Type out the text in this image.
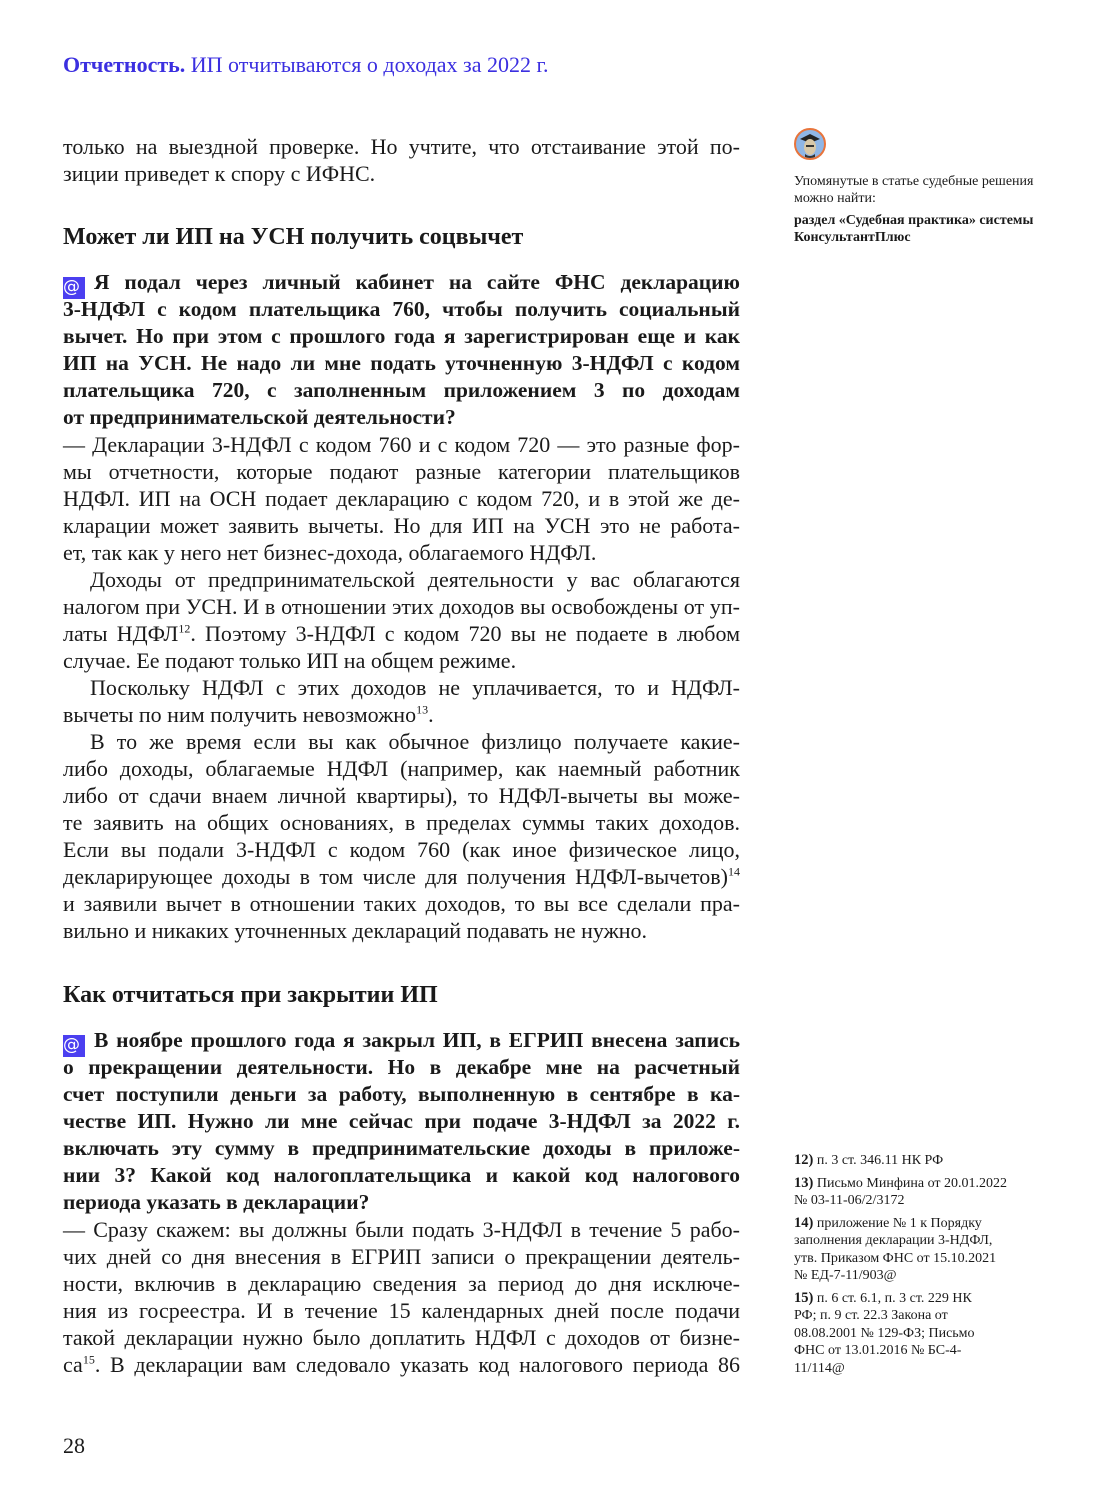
Отчетность. ИП отчитываются о доходах за 2022 г.
только на выездной проверке. Но учтите, что отстаивание этой по-
зиции приведет к спору с ИФНС.
Может ли ИП на УСН получить соцвычет
@ Я подал через личный кабинет на сайте ФНС декларацию
3-НДФЛ с кодом плательщика 760, чтобы получить социальный
вычет. Но при этом с прошлого года я зарегистрирован еще и как
ИП на УСН. Не надо ли мне подать уточненную 3-НДФЛ с кодом
плательщика 720, с заполненным приложением 3 по доходам
от предпринимательской деятельности?
— Декларации 3-НДФЛ с кодом 760 и с кодом 720 — это разные фор-
мы отчетности, которые подают разные категории плательщиков
НДФЛ. ИП на ОСН подает декларацию с кодом 720, и в этой же де-
кларации может заявить вычеты. Но для ИП на УСН это не работа-
ет, так как у него нет бизнес-дохода, облагаемого НДФЛ.
Доходы от предпринимательской деятельности у вас облагаются
налогом при УСН. И в отношении этих доходов вы освобождены от уп-
латы НДФЛ$^{12}$. Поэтому 3-НДФЛ с кодом 720 вы не подаете в любом
случае. Ее подают только ИП на общем режиме.
Поскольку НДФЛ с этих доходов не уплачивается, то и НДФЛ-
вычеты по ним получить невозможно$^{13}$.
В то же время если вы как обычное физлицо получаете какие-
либо доходы, облагаемые НДФЛ (например, как наемный работник
либо от сдачи внаем личной квартиры), то НДФЛ-вычеты вы може-
те заявить на общих основаниях, в пределах суммы таких доходов.
Если вы подали 3-НДФЛ с кодом 760 (как иное физическое лицо,
декларирующее доходы в том числе для получения НДФЛ-вычетов)$^{14}$
и заявили вычет в отношении таких доходов, то вы все сделали пра-
вильно и никаких уточненных деклараций подавать не нужно.
Как отчитаться при закрытии ИП
@ В ноябре прошлого года я закрыл ИП, в ЕГРИП внесена запись
о прекращении деятельности. Но в декабре мне на расчетный
счет поступили деньги за работу, выполненную в сентябре в ка-
честве ИП. Нужно ли мне сейчас при подаче 3-НДФЛ за 2022 г.
включать эту сумму в предпринимательские доходы в приложе-
нии 3? Какой код налогоплательщика и какой код налогового
периода указать в декларации?
— Сразу скажем: вы должны были подать 3-НДФЛ в течение 5 рабо-
чих дней со дня внесения в ЕГРИП записи о прекращении деятель-
ности, включив в декларацию сведения за период до дня исключе-
ния из госреестра. И в течение 15 календарных дней после подачи
такой декларации нужно было доплатить НДФЛ с доходов от бизне-
$са^{15}$. В декларации вам следовало указать код налогового периода 86
Упомянутые в статье судебные решения можно найти:
раздел «Судебная практика» системы КонсультантПлюс

12) п. 3 ст. 346.11 НК РФ

13) Письмо Минфина от 20.01.2022 № 03-11-06/2/3172

14) приложение № 1 к Порядку заполнения декларации 3-НДФЛ, утв. Приказом ФНС от 15.10.2021 № ЕД-7-11/903@

15) п. 6 ст. 6.1, п. 3 ст. 229 НК РФ; п. 9 ст. 22.3 Закона от 08.08.2001 № 129-ФЗ; Письмо ФНС от 13.01.2016 № БС-4-11/114@

28
